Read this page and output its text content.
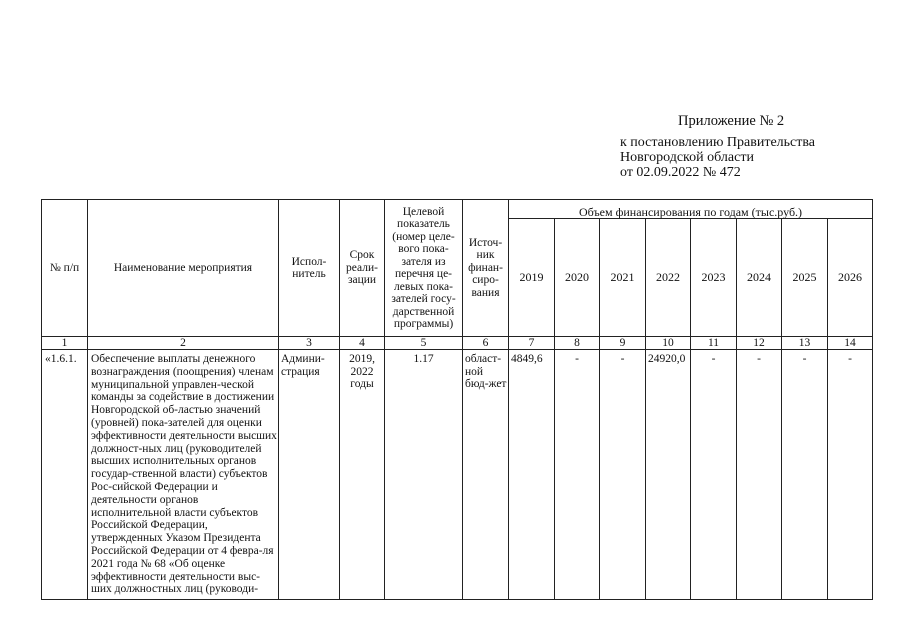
Приложение № 2
к постановлению Правительства
Новгородской области
от 02.09.2022 № 472
№ п/п	Наименование мероприятия	Испол-нитель	Срок реали-зации	Целевой показатель (номер целе-вого пока-зателя из перечня це-левых пока-зателей госу-дарственной программы)	Источ-ник финан-сиро-вания	Объем финансирования по годам (тыс.руб.)							
						2019	2020	2021	2022	2023	2024	2025	2026
1	2	3	4	5	6	7	8	9	10	11	12	13	14
«1.6.1.	Обеспечение выплаты денежного вознаграждения (поощрения) членам муниципальной управлен-ческой команды за содействие в достижении Новгородской об-ластью значений (уровней) пока-зателей для оценки эффективности деятельности высших должност-ных лиц (руководителей высших исполнительных органов государ-ственной власти) субъектов Рос-сийской Федерации и деятельности органов исполнительной власти субъектов Российской Федерации, утвержденных Указом Президента Российской Федерации от 4 февра-ля 2021 года № 68 «Об оценке эффективности деятельности выс-ших должностных лиц (руководи-	Админи-страция	2019, 2022 годы	1.17	област-ной бюд-жет	4849,6	-	-	24920,0	-	-	-	-
